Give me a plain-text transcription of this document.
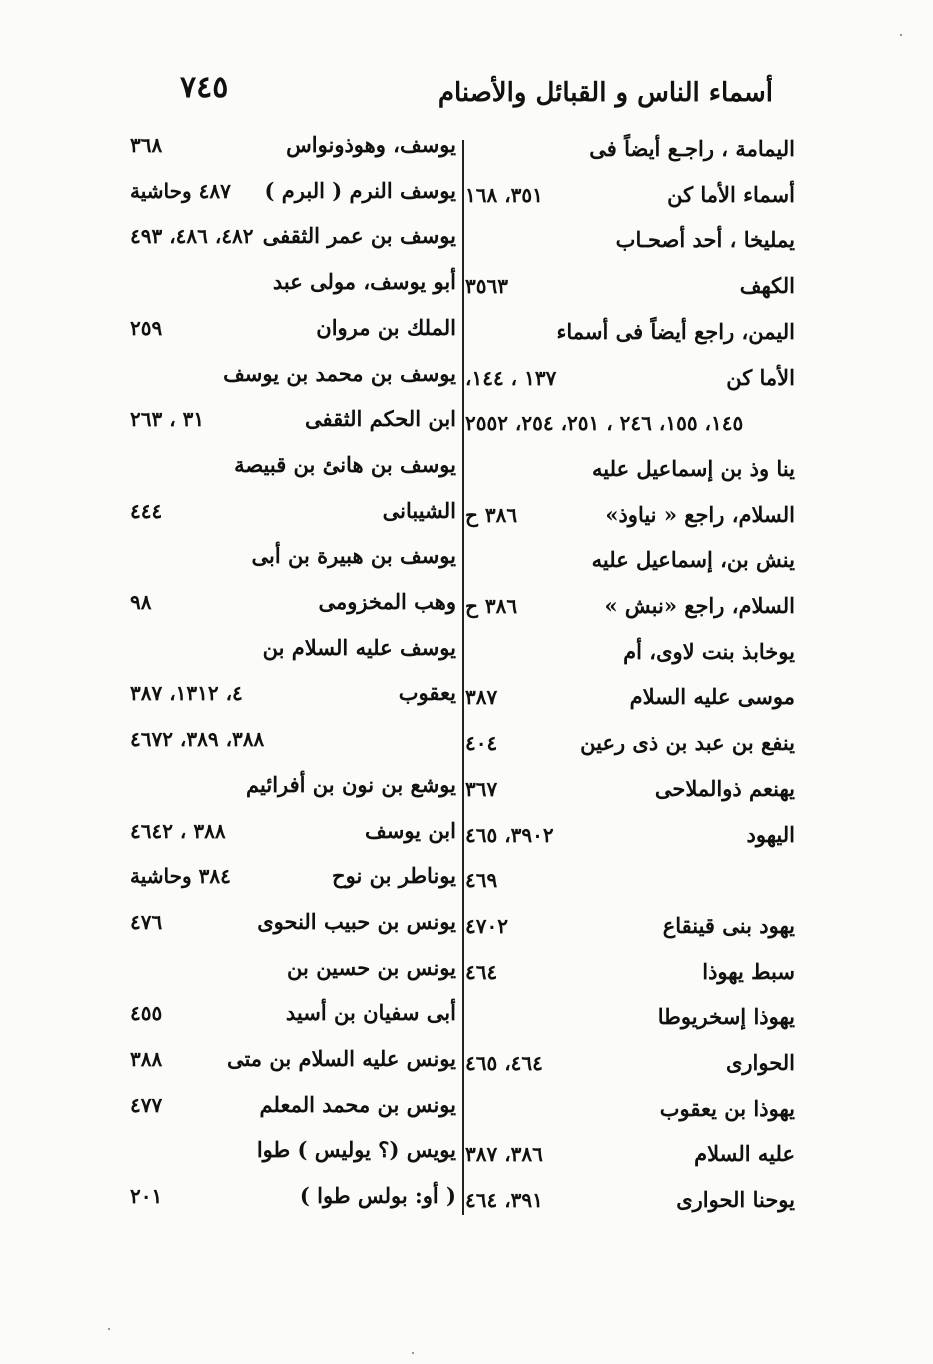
٧٤٥	أسماء الناس و القبائل والأصنام
اليمامة ، راجـع أيضاً فى
أسماء الأما كن
٣٥١، ١٦٨
يمليخا ، أحد أصحـاب
الكهف
٣٥٦٣
اليمن، راجع أيضاً فى أسماء
الأما كن
١٣٧ ، ١٤٤،
١٤٥، ١٥٥، ٢٤٦ ، ٢٥١، ٢٥٤، ٢٥٥٢
ينا وذ بن إسماعيل عليه
السلام، راجع « نياوذ»
٣٨٦ ح
ينش بن، إسماعيل عليه
السلام، راجع «نبش »
٣٨٦ ح
يوخابذ بنت لاوى، أم
موسى عليه السلام
٣٨٧
ينفع بن عبد بن ذى رعين
٤٠٤
يهنعم ذوالملاحى
٣٦٧
اليهود
٣٩٠٢، ٤٦٥
٤٦٩
يهود بنى قينقاع
٤٧٠٢
سبط يهوذا
٤٦٤
يهوذا إسخريوطا
الحوارى
٤٦٤، ٤٦٥
يهوذا بن يعقوب
عليه السلام
٣٨٦، ٣٨٧
يوحنا الحوارى
٣٩١، ٤٦٤
يوسف، وهوذونواس
٣٦٨
يوسف النرم ( البرم )
٤٨٧ وحاشية
يوسف بن عمر الثقفى
٤٨٢، ٤٨٦، ٤٩٣
أبو يوسف، مولى عبد
الملك بن مروان
٢٥٩
يوسف بن محمد بن يوسف
ابن الحكم الثقفى
٣١ ، ٢٦٣
يوسف بن هانئ بن قبيصة
الشيبانى
٤٤٤
يوسف بن هبيرة بن أبى
وهب المخزومى
٩٨
يوسف عليه السلام بن
يعقوب
٤، ١٣١٢، ٣٨٧
٣٨٨، ٣٨٩، ٤٦٧٢
يوشع بن نون بن أفرائيم
ابن يوسف
٣٨٨ ، ٤٦٤٢
يوناطر بن نوح
٣٨٤ وحاشية
يونس بن حبيب النحوى
٤٧٦
يونس بن حسين بن
أبى سفيان بن أسيد
٤٥٥
يونس عليه السلام بن متى
٣٨٨
يونس بن محمد المعلم
٤٧٧
يويس (؟ يوليس ) طوا
( أو: بولس طوا )
٢٠١
